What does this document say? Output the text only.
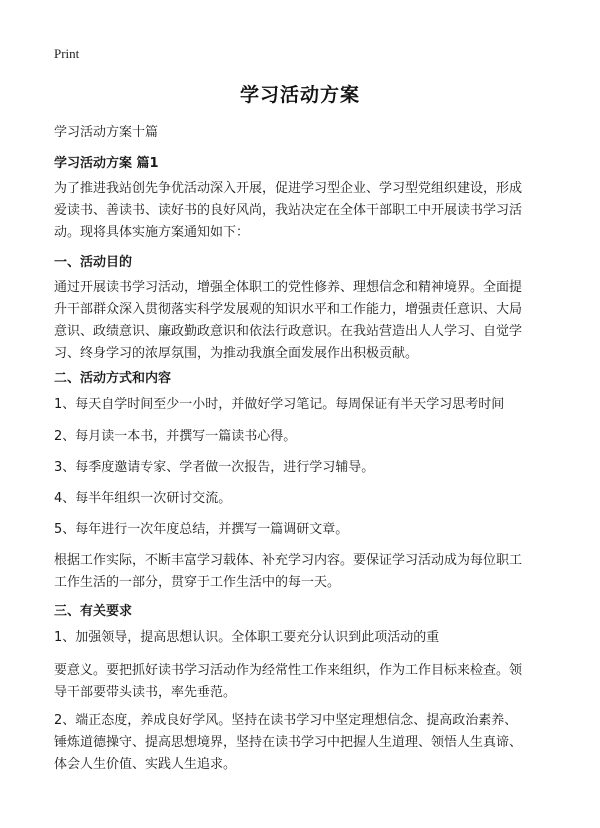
Print
学习活动方案
学习活动方案十篇
学习活动方案 篇1
为了推进我站创先争优活动深入开展，促进学习型企业、学习型党组织建设，形成
爱读书、善读书、读好书的良好风尚，我站决定在全体干部职工中开展读书学习活
动。现将具体实施方案通知如下：
一、活动目的
通过开展读书学习活动，增强全体职工的党性修养、理想信念和精神境界。全面提
升干部群众深入贯彻落实科学发展观的知识水平和工作能力，增强责任意识、大局
意识、政绩意识、廉政勤政意识和依法行政意识。在我站营造出人人学习、自觉学
习、终身学习的浓厚氛围，为推动我旗全面发展作出积极贡献。
二、活动方式和内容
1、每天自学时间至少一小时，并做好学习笔记。每周保证有半天学习思考时间
2、每月读一本书，并撰写一篇读书心得。
3、每季度邀请专家、学者做一次报告，进行学习辅导。
4、每半年组织一次研讨交流。
5、每年进行一次年度总结，并撰写一篇调研文章。
根据工作实际，不断丰富学习载体、补充学习内容。要保证学习活动成为每位职工
工作生活的一部分，贯穿于工作生活中的每一天。
三、有关要求
1、加强领导，提高思想认识。全体职工要充分认识到此项活动的重
要意义。要把抓好读书学习活动作为经常性工作来组织，作为工作目标来检查。领
导干部要带头读书，率先垂范。
2、端正态度，养成良好学风。坚持在读书学习中坚定理想信念、提高政治素养、
锤炼道德操守、提高思想境界，坚持在读书学习中把握人生道理、领悟人生真谛、
体会人生价值、实践人生追求。
